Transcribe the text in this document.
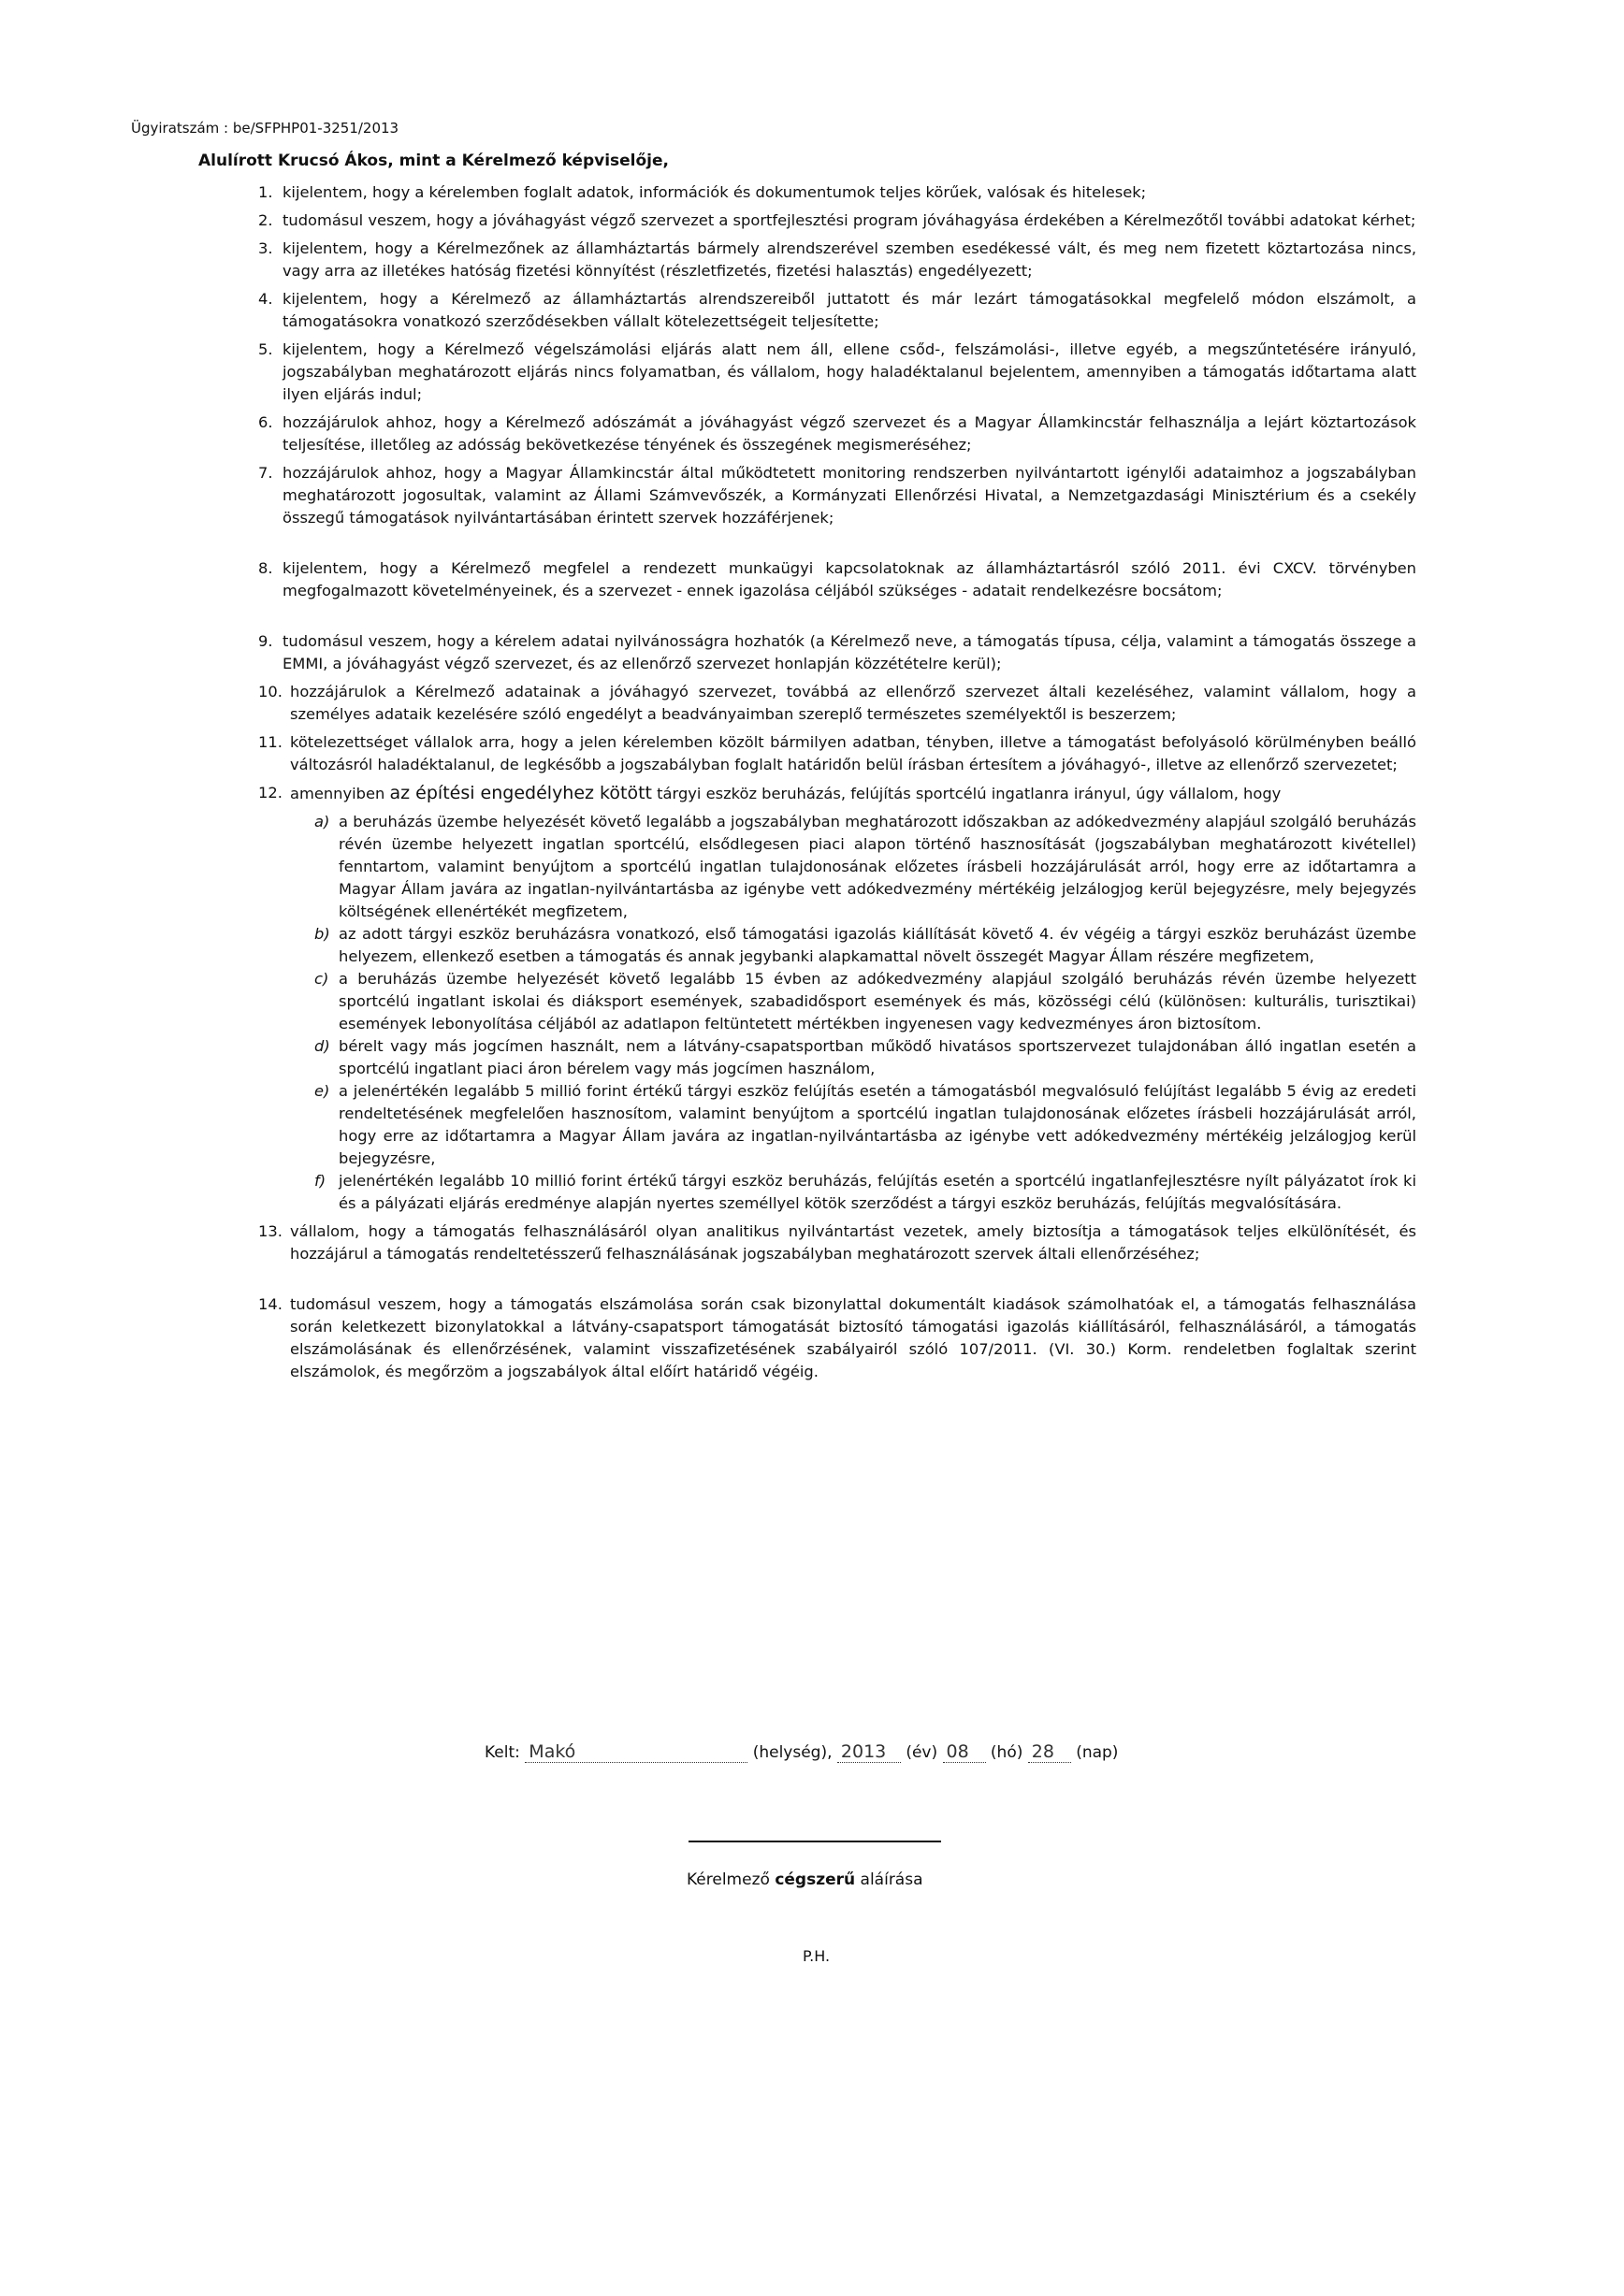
Ügyiratszám : be/SFPHP01-3251/2013
Alulírott Krucsó Ákos, mint a Kérelmező képviselője,
1. kijelentem, hogy a kérelemben foglalt adatok, információk és dokumentumok teljes körűek, valósak és hitelesek;
2. tudomásul veszem, hogy a jóváhagyást végző szervezet a sportfejlesztési program jóváhagyása érdekében a Kérelmezőtől további adatokat kérhet;
3. kijelentem, hogy a Kérelmezőnek az államháztartás bármely alrendszerével szemben esedékessé vált, és meg nem fizetett köztartozása nincs, vagy arra az illetékes hatóság fizetési könnyítést (részletfizetés, fizetési halasztás) engedélyezett;
4. kijelentem, hogy a Kérelmező az államháztartás alrendszereiből juttatott és már lezárt támogatásokkal megfelelő módon elszámolt, a támogatásokra vonatkozó szerződésekben vállalt kötelezettségeit teljesítette;
5. kijelentem, hogy a Kérelmező végelszámolási eljárás alatt nem áll, ellene csőd-, felszámolási-, illetve egyéb, a megszűntetésére irányuló, jogszabályban meghatározott eljárás nincs folyamatban, és vállalom, hogy haladéktalanul bejelentem, amennyiben a támogatás időtartama alatt ilyen eljárás indul;
6. hozzájárulok ahhoz, hogy a Kérelmező adószámát a jóváhagyást végző szervezet és a Magyar Államkincstár felhasználja a lejárt köztartozások teljesítése, illetőleg az adósság bekövetkezése tényének és összegének megismeréséhez;
7. hozzájárulok ahhoz, hogy a Magyar Államkincstár által működtetett monitoring rendszerben nyilvántartott igénylői adataimhoz a jogszabályban meghatározott jogosultak, valamint az Állami Számvevőszék, a Kormányzati Ellenőrzési Hivatal, a Nemzetgazdasági Minisztérium és a csekély összegű támogatások nyilvántartásában érintett szervek hozzáférjenek;
8. kijelentem, hogy a Kérelmező megfelel a rendezett munkaügyi kapcsolatoknak az államháztartásról szóló 2011. évi CXCV. törvényben megfogalmazott követelményeinek, és a szervezet - ennek igazolása céljából szükséges - adatait rendelkezésre bocsátom;
9. tudomásul veszem, hogy a kérelem adatai nyilvánosságra hozhatók (a Kérelmező neve, a támogatás típusa, célja, valamint a támogatás összege a EMMI, a jóváhagyást végző szervezet, és az ellenőrző szervezet honlapján közzétételre kerül);
10. hozzájárulok a Kérelmező adatainak a jóváhagyó szervezet, továbbá az ellenőrző szervezet általi kezeléséhez, valamint vállalom, hogy a személyes adataik kezelésére szóló engedélyt a beadványaimban szereplő természetes személyektől is beszerzem;
11. kötelezettséget vállalok arra, hogy a jelen kérelemben közölt bármilyen adatban, tényben, illetve a támogatást befolyásoló körülményben beálló változásról haladéktalanul, de legkésőbb a jogszabályban foglalt határidőn belül írásban értesítem a jóváhagyó-, illetve az ellenőrző szervezetet;
12. amennyiben az építési engedélyhez kötött tárgyi eszköz beruházás, felújítás sportcélú ingatlanra irányul, úgy vállalom, hogy
a) a beruházás üzembe helyezését követő legalább a jogszabályban meghatározott időszakban az adókedvezmény alapjául szolgáló beruházás révén üzembe helyezett ingatlan sportcélú, elsődlegesen piaci alapon történő hasznosítását (jogszabályban meghatározott kivétellel) fenntartom, valamint benyújtom a sportcélú ingatlan tulajdonosának előzetes írásbeli hozzájárulását arról, hogy erre az időtartamra a Magyar Állam javára az ingatlan-nyilvántartásba az igénybe vett adókedvezmény mértékéig jelzálogjog kerül bejegyzésre, mely bejegyzés költségének ellenértékét megfizetem,
b) az adott tárgyi eszköz beruházásra vonatkozó, első támogatási igazolás kiállítását követő 4. év végéig a tárgyi eszköz beruházást üzembe helyezem, ellenkező esetben a támogatás és annak jegybanki alapkamattal növelt összegét Magyar Állam részére megfizetem,
c) a beruházás üzembe helyezését követő legalább 15 évben az adókedvezmény alapjául szolgáló beruházás révén üzembe helyezett sportcélú ingatlant iskolai és diáksport események, szabadidősport események és más, közösségi célú (különösen: kulturális, turisztikai) események lebonyolítása céljából az adatlapon feltüntetett mértékben ingyenesen vagy kedvezményes áron biztosítom.
d) bérelt vagy más jogcímen használt, nem a látvány-csapatsportban működő hivatásos sportszervezet tulajdonában álló ingatlan esetén a sportcélú ingatlant piaci áron bérelem vagy más jogcímen használom,
e) a jelenértékén legalább 5 millió forint értékű tárgyi eszköz felújítás esetén a támogatásból megvalósuló felújítást legalább 5 évig az eredeti rendeltetésének megfelelően hasznosítom, valamint benyújtom a sportcélú ingatlan tulajdonosának előzetes írásbeli hozzájárulását arról, hogy erre az időtartamra a Magyar Állam javára az ingatlan-nyilvántartásba az igénybe vett adókedvezmény mértékéig jelzálogjog kerül bejegyzésre,
f) jelenértékén legalább 10 millió forint értékű tárgyi eszköz beruházás, felújítás esetén a sportcélú ingatlanfejlesztésre nyílt pályázatot írok ki és a pályázati eljárás eredménye alapján nyertes személlyel kötök szerződést a tárgyi eszköz beruházás, felújítás megvalósítására.
13. vállalom, hogy a támogatás felhasználásáról olyan analitikus nyilvántartást vezetek, amely biztosítja a támogatások teljes elkülönítését, és hozzájárul a támogatás rendeltetésszerű felhasználásának jogszabályban meghatározott szervek általi ellenőrzéséhez;
14. tudomásul veszem, hogy a támogatás elszámolása során csak bizonylattal dokumentált kiadások számolhatóak el, a támogatás felhasználása során keletkezett bizonylatokkal a látvány-csapatsport támogatását biztosító támogatási igazolás kiállításáról, felhasználásáról, a támogatás elszámolásának és ellenőrzésének, valamint visszafizetésének szabályairól szóló 107/2011. (VI. 30.) Korm. rendeletben foglaltak szerint elszámolok, és megőrzöm a jogszabályok által előírt határidő végéig.
Kelt: Makó	(helység), 2013 (év) 08 (hó) 28 (nap)
Kérelmező cégszerű aláírása
P.H.
